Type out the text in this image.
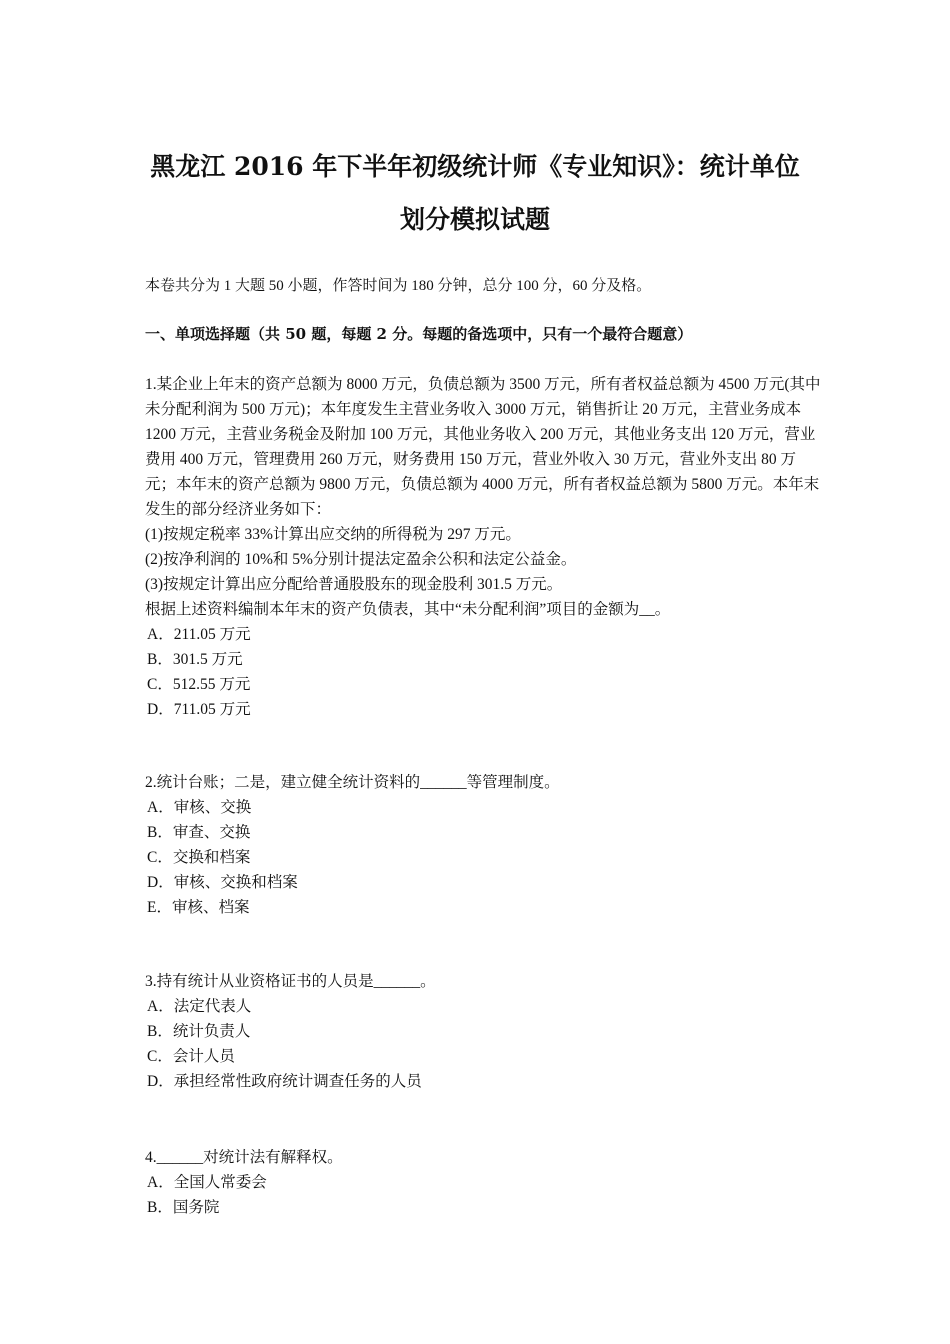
黑龙江 2016 年下半年初级统计师《专业知识》：统计单位
划分模拟试题
本卷共分为 1 大题 50 小题，作答时间为 180 分钟，总分 100 分，60 分及格。
一、单项选择题（共 50 题，每题 2 分。每题的备选项中，只有一个最符合题意）
1.某企业上年末的资产总额为 8000 万元，负债总额为 3500 万元，所有者权益总额为 4500 万元(其中未分配利润为 500 万元)；本年度发生主营业务收入 3000 万元，销售折让 20 万元，主营业务成本 1200 万元，主营业务税金及附加 100 万元，其他业务收入 200 万元，其他业务支出 120 万元，营业费用 400 万元，管理费用 260 万元，财务费用 150 万元，营业外收入 30 万元，营业外支出 80 万元；本年末的资产总额为 9800 万元，负债总额为 4000 万元，所有者权益总额为 5800 万元。本年末发生的部分经济业务如下：
(1)按规定税率 33%计算出应交纳的所得税为 297 万元。
(2)按净利润的 10%和 5%分别计提法定盈余公积和法定公益金。
(3)按规定计算出应分配给普通股股东的现金股利 301.5 万元。
根据上述资料编制本年末的资产负债表，其中“未分配利润”项目的金额为__。
A．211.05 万元
B．301.5 万元
C．512.55 万元
D．711.05 万元
2.统计台账；二是，建立健全统计资料的______等管理制度。
A．审核、交换
B．审查、交换
C．交换和档案
D．审核、交换和档案
E．审核、档案
3.持有统计从业资格证书的人员是______。
A．法定代表人
B．统计负责人
C．会计人员
D．承担经常性政府统计调查任务的人员
4.______对统计法有解释权。
A．全国人常委会
B．国务院
